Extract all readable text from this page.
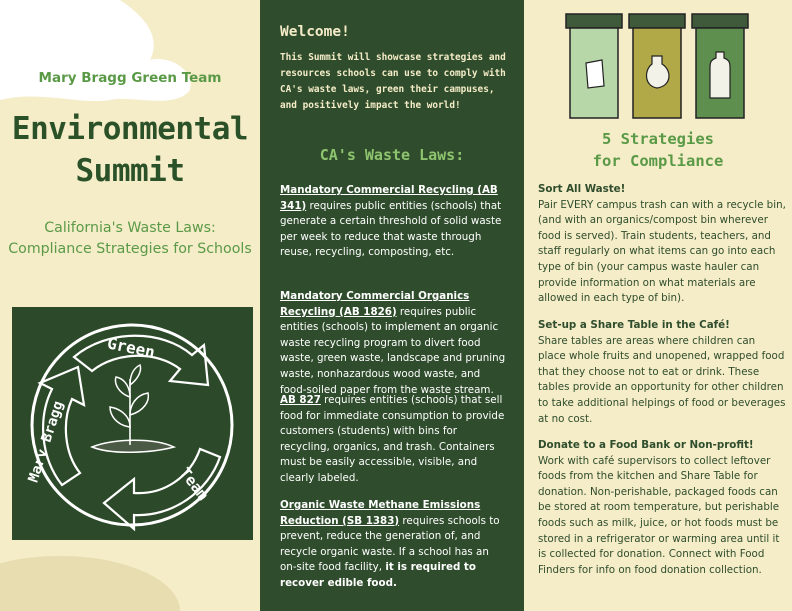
Mary Bragg Green Team
Environmental
Summit
California's Waste Laws:
Compliance Strategies for Schools
Green
Mary Bragg	Team
Welcome!
This Summit will showcase strategies and resources schools can use to comply with CA's waste laws, green their campuses, and positively impact the world!
CA's Waste Laws:
Mandatory Commercial Recycling (AB 341) requires public entities (schools) that generate a certain threshold of solid waste per week to reduce that waste through reuse, recycling, composting, etc.
Mandatory Commercial Organics Recycling (AB 1826) requires public entities (schools) to implement an organic waste recycling program to divert food waste, green waste, landscape and pruning waste, nonhazardous wood waste, and food-soiled paper from the waste stream.
AB 827 requires entities (schools) that sell food for immediate consumption to provide customers (students) with bins for recycling, organics, and trash. Containers must be easily accessible, visible, and clearly labeled.
Organic Waste Methane Emissions Reduction (SB 1383) requires schools to prevent, reduce the generation of, and recycle organic waste. If a school has an on-site food facility, it is required to recover edible food.
5 Strategies
for Compliance
Sort All Waste!
Pair EVERY campus trash can with a recycle bin, (and with an organics/compost bin wherever food is served). Train students, teachers, and staff regularly on what items can go into each type of bin (your campus waste hauler can provide information on what materials are allowed in each type of bin).
Set-up a Share Table in the Café!
Share tables are areas where children can place whole fruits and unopened, wrapped food that they choose not to eat or drink. These tables provide an opportunity for other children to take additional helpings of food or beverages at no cost.
Donate to a Food Bank or Non-profit!
Work with café supervisors to collect leftover foods from the kitchen and Share Table for donation. Non-perishable, packaged foods can be stored at room temperature, but perishable foods such as milk, juice, or hot foods must be stored in a refrigerator or warming area until it is collected for donation. Connect with Food Finders for info on food donation collection.
